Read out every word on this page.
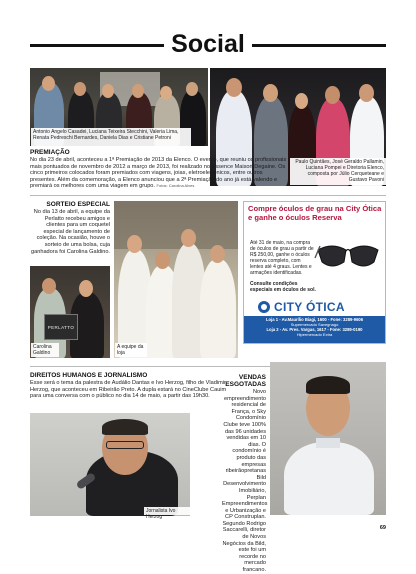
Social
Antonio Angelo Casadei, Luciana Teixeira Stecchini, Valeria Lima, Renata Pedreschi Bernardes, Daniela Dias e Cristiane Petroni
Paulo Quintães, José Geraldo Pallamin, Luciana Pompei e Diretoria Elenco, composta por Júlio Cerqueteane e Gustavo Pavoni
PREMIAÇÃO
No dia 23 de abril, aconteceu a 1ª Premiação de 2013 da Elenco. O evento, que reuniu os profissionais mais pontuados de novembro de 2012 a março de 2013, foi realizado no Essence Maison Degaine. Os cinco primeiros colocados foram premiados com viagens, joias, eletroeletrônicos, entre outros presentes. Além da comemoração, a Elenco anunciou que a 2ª Premiação do ano já está valendo e premiará os melhores com uma viagem em grupo. Fotos: Carolina Alves
SORTEIO ESPECIAL
No dia 13 de abril, a equipe da Perlatto recebeu amigos e clientes para um coquetel especial de lançamento de coleção. Na ocasião, houve o sorteio de uma bolsa, cuja ganhadora foi Carolina Galdino.
PERLATTO
Carolina Galdino
A equipe da loja
Compre óculos de grau na City Ótica e ganhe o óculos Reserva
Até 31 de maio, na compra de óculos de grau a partir de R$ 250,00, ganhe o óculos reserva completo, com lentes até 4 graus. Lentes e armações identificadas.
Consulte condições especiais em óculos de sol.
CITY ÓTICA
Loja 1 - Av.Maurílio Biagi, 1600 - Fone: 3289-9606
Supermercado Savegnago
Loja 2 - Av. Pres. Vargas, 1617 - Fone: 3289-0190
Hipermercado Extra
DIREITOS HUMANOS E JORNALISMO
Esse será o tema da palestra de Audálio Dantas e Ivo Herzog, filho de Vladimir Herzog, que aconteceu em Ribeirão Preto. A dupla estará no CineClube Cauim para uma conversa com o público no dia 14 de maio, a partir das 19h30.
Jornalista Ivo Herzog
VENDAS ESGOTADAS
Novo empreendimento residencial de França, o Sky Condomínio Clube teve 100% das 96 unidades vendidas em 10 dias. O condomínio é produto das empresas ribeirãopretanas Bild Desenvolvimento Imobiliário, Perplan Empreendimentos e Urbanização e CP Construplan. Segundo Rodrigo Saccarelli, diretor de Novos Negócios da Bild, este foi um recorde no mercado francano.
69
